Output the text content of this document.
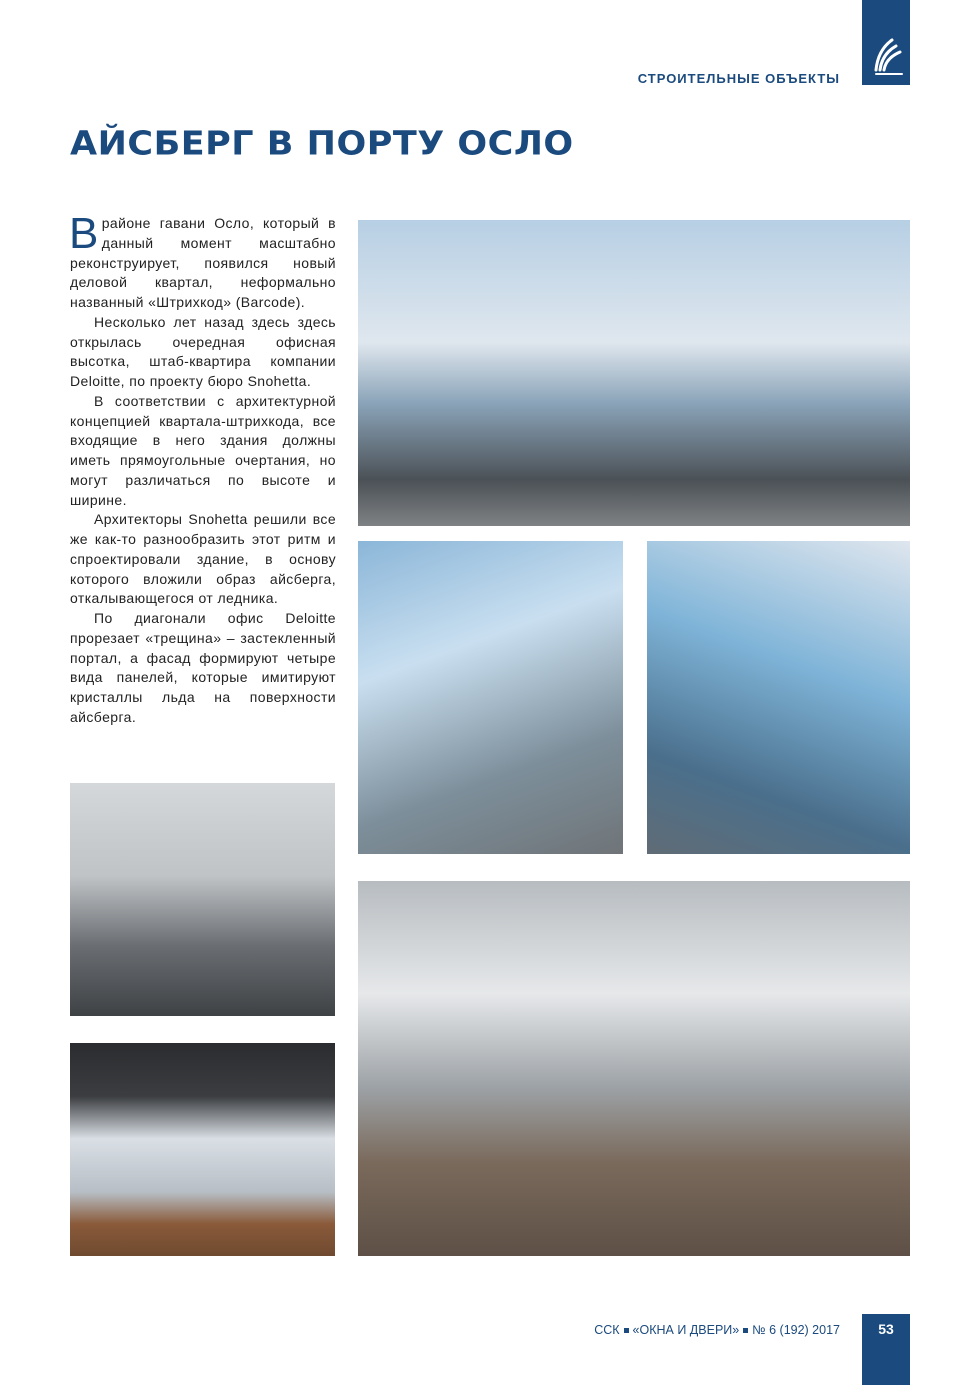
СТРОИТЕЛЬНЫЕ ОБЪЕКТЫ
АЙСБЕРГ В ПОРТУ ОСЛО

В районе гавани Осло, который в данный момент масштабно реконструирует, появился новый деловой квартал, неформально названный «Штрихкод» (Barcode).

Несколько лет назад здесь здесь открылась очередная офисная высотка, штаб-квартира компании Deloitte, по проекту бюро Snohetta.

В соответствии с архитектурной концепцией квартала-штрихкода, все входящие в него здания должны иметь прямоугольные очертания, но могут различаться по высоте и ширине.

Архитекторы Snohetta решили все же как-то разнообразить этот ритм и спроектировали здание, в основу которого вложили образ айсберга, откалывающегося от ледника.

По диагонали офис Deloitte прорезает «трещина» – застекленный портал, а фасад формируют четыре вида панелей, которые имитируют кристаллы льда на поверхности айсберга.

ССК «ОКНА И ДВЕРИ» № 6 (192) 2017	53
